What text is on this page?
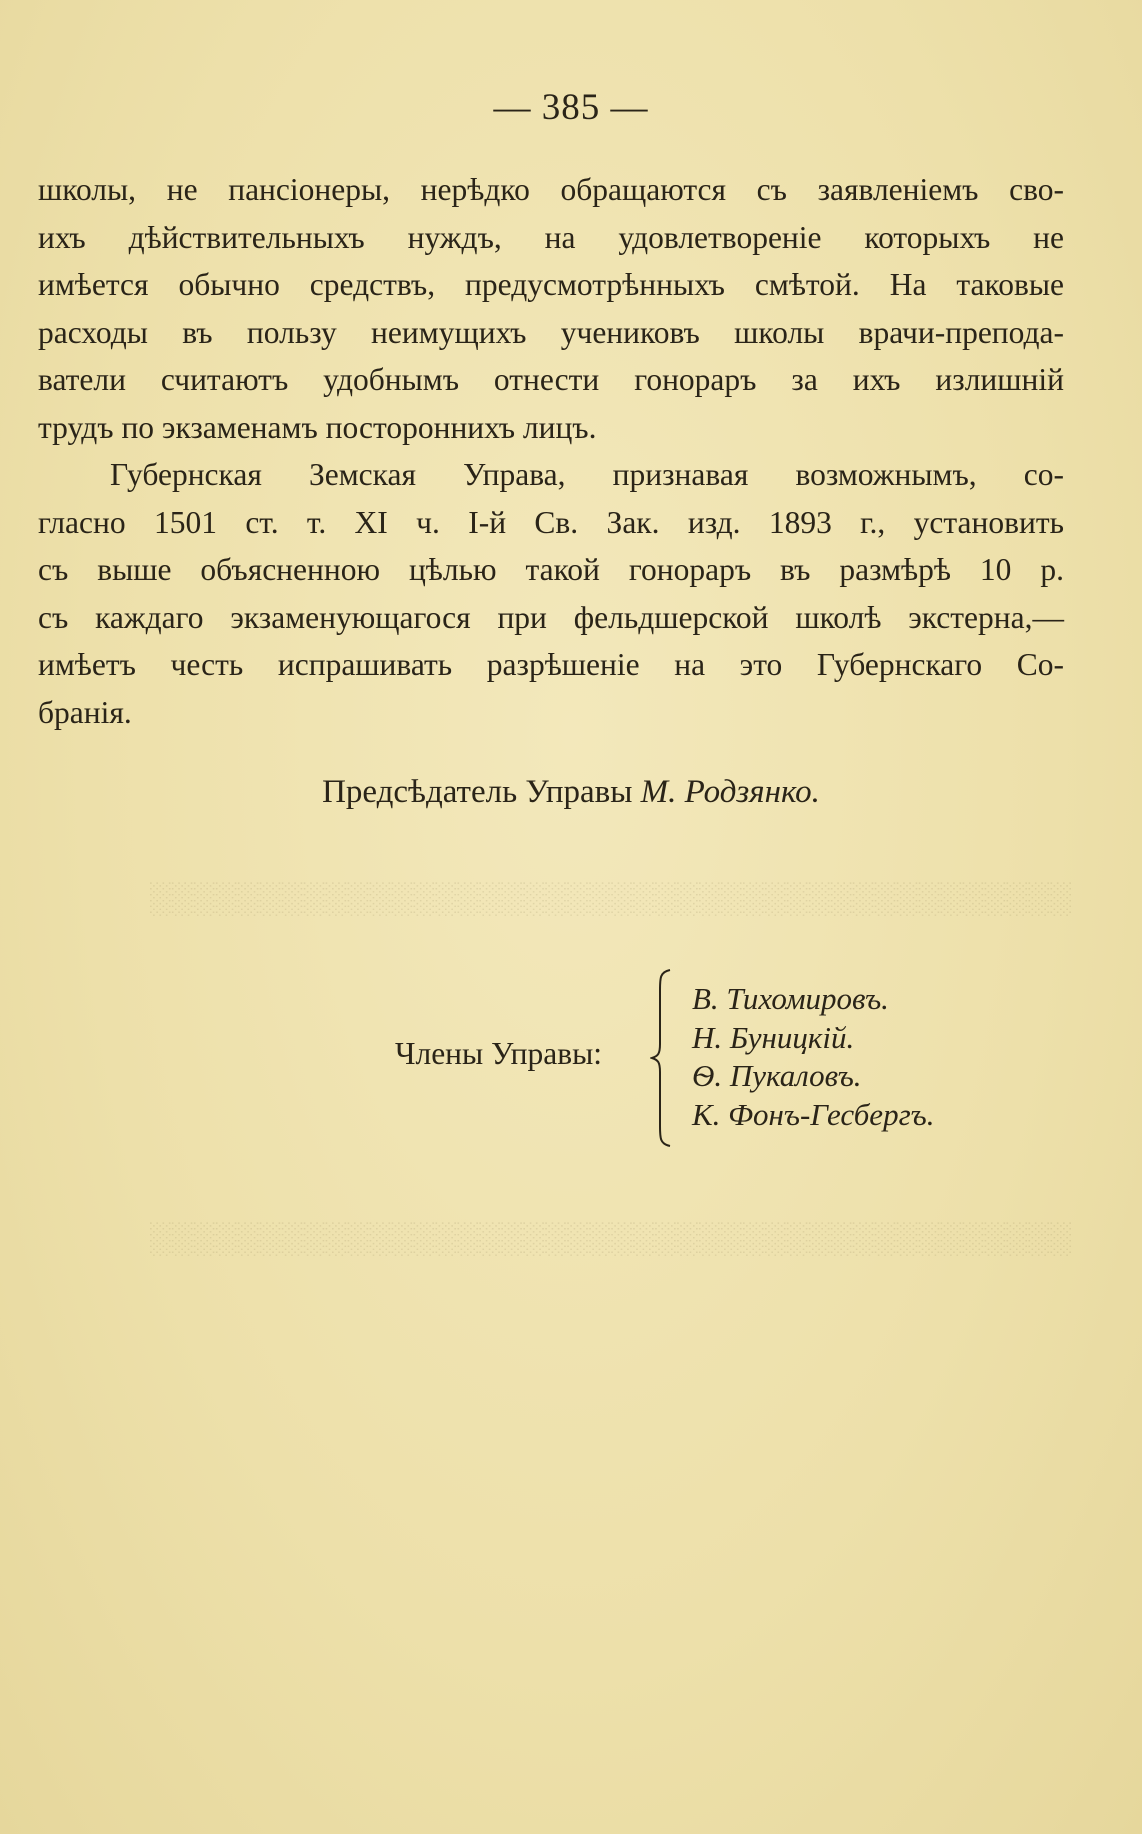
░░░░░░░░░░░░░░░░░░░░░░░░░░░░░░░░░░░░░░░░░░
░░░░░░░░░░░░░░░░░░░░░░░░░░░░░░░░░░░░░░░░░░
— 385 —
школы, не пансіонеры, нерѣдко обращаются съ заявленіемъ сво-
ихъ дѣйствительныхъ нуждъ, на удовлетвореніе которыхъ не
имѣется обычно средствъ, предусмотрѣнныхъ смѣтой. На таковые
расходы въ пользу неимущихъ учениковъ школы врачи-препода-
ватели считаютъ удобнымъ отнести гонораръ за ихъ излишній
трудъ по экзаменамъ постороннихъ лицъ.
Губернская Земская Управа, признавая возможнымъ, со-
гласно 1501 ст. т. XI ч. I-й Св. Зак. изд. 1893 г., установить
съ выше объясненною цѣлью такой гонораръ въ размѣрѣ 10 р.
съ каждаго экзаменующагося при фельдшерской школѣ экстерна,—
имѣетъ честь испрашивать разрѣшеніе на это Губернскаго Со-
бранія.
Предсѣдатель Управы М. Родзянко.
Члены Управы:
В. Тихомировъ.
Н. Буницкій.
Ѳ. Пукаловъ.
К. Фонъ-Гесбергъ.
